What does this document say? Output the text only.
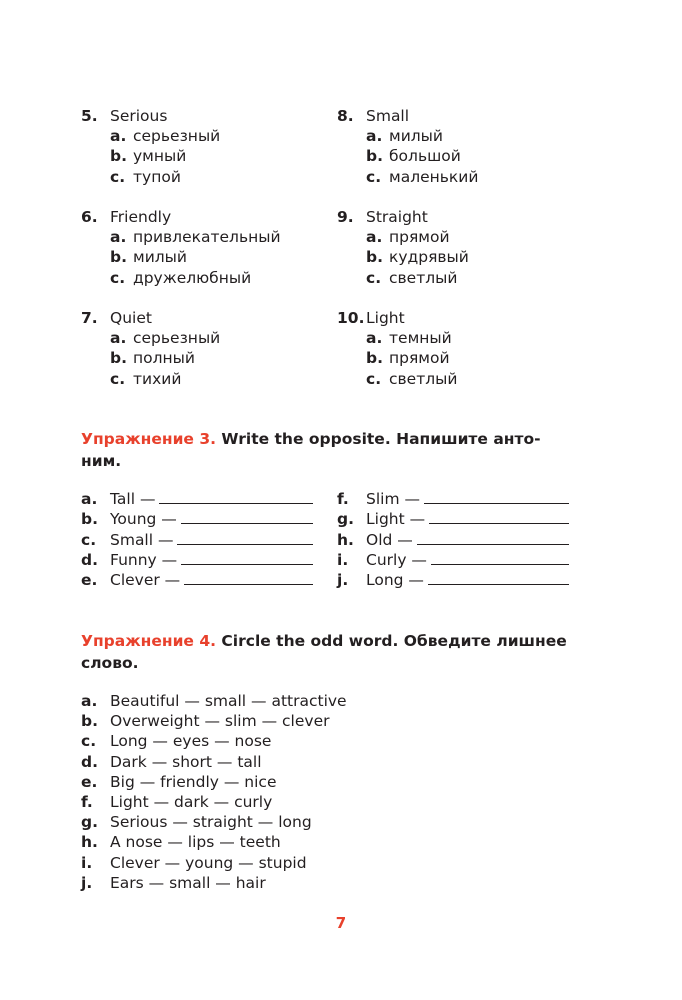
5. Serious
a. серьезный
b. умный
c. тупой
6. Friendly
a. привлекательный
b. милый
c. дружелюбный
7. Quiet
a. серьезный
b. полный
c. тихий
8. Small
a. милый
b. большой
c. маленький
9. Straight
a. прямой
b. кудрявый
c. светлый
10.Light
a. темный
b. прямой
c. светлый
Упражнение 3. Write the opposite. Напишите анто-
ним.
a. Tall —
b. Young —
c. Small —
d. Funny —
e. Clever —
f.	Slim —
g. Light —
h. Old —
i.	Curly —
j.	Long —
Упражнение 4. Circle the odd word. Обведите лишнее
слово.
a. Beautiful — small — attractive
b. Overweight — slim — clever
c. Long — eyes — nose
d. Dark — short — tall
e. Big — friendly — nice
f. Light — dark — curly
g. Serious — straight — long
h. A nose — lips — teeth
i. Clever — young — stupid
j. Ears — small — hair
7
